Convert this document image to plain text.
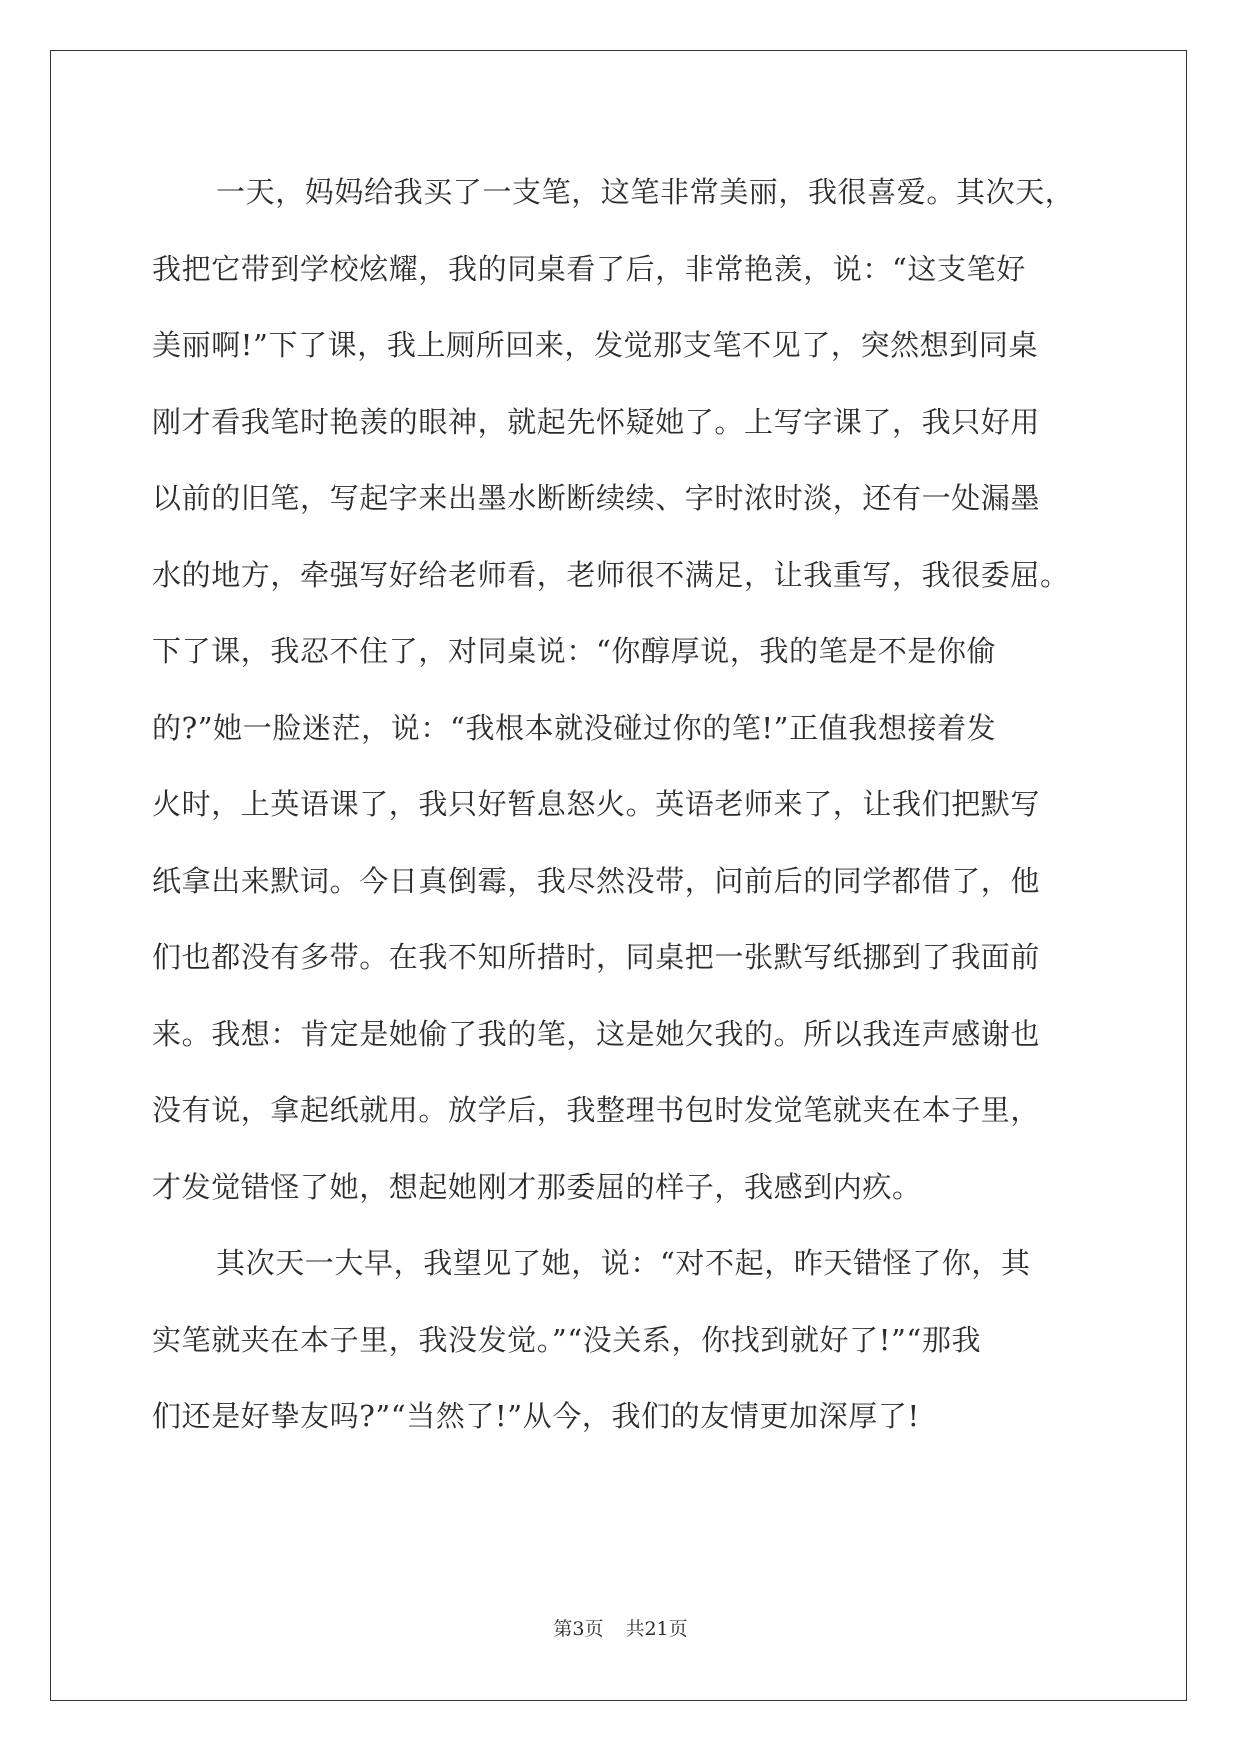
一天，妈妈给我买了一支笔，这笔非常美丽，我很喜爱。其次天，
我把它带到学校炫耀，我的同桌看了后，非常艳羡，说：“这支笔好
美丽啊!”下了课，我上厕所回来，发觉那支笔不见了，突然想到同桌
刚才看我笔时艳羡的眼神，就起先怀疑她了。上写字课了，我只好用
以前的旧笔，写起字来出墨水断断续续、字时浓时淡，还有一处漏墨
水的地方，牵强写好给老师看，老师很不满足，让我重写，我很委屈。
下了课，我忍不住了，对同桌说：“你醇厚说，我的笔是不是你偷
的?”她一脸迷茫，说：“我根本就没碰过你的笔!”正值我想接着发
火时，上英语课了，我只好暂息怒火。英语老师来了，让我们把默写
纸拿出来默词。今日真倒霉，我尽然没带，问前后的同学都借了，他
们也都没有多带。在我不知所措时，同桌把一张默写纸挪到了我面前
来。我想：肯定是她偷了我的笔，这是她欠我的。所以我连声感谢也
没有说，拿起纸就用。放学后，我整理书包时发觉笔就夹在本子里，
才发觉错怪了她，想起她刚才那委屈的样子，我感到内疚。

其次天一大早，我望见了她，说：“对不起，昨天错怪了你，其
实笔就夹在本子里，我没发觉。”“没关系，你找到就好了!”“那我
们还是好挚友吗?”“当然了!”从今，我们的友情更加深厚了!

第3页 共21页
